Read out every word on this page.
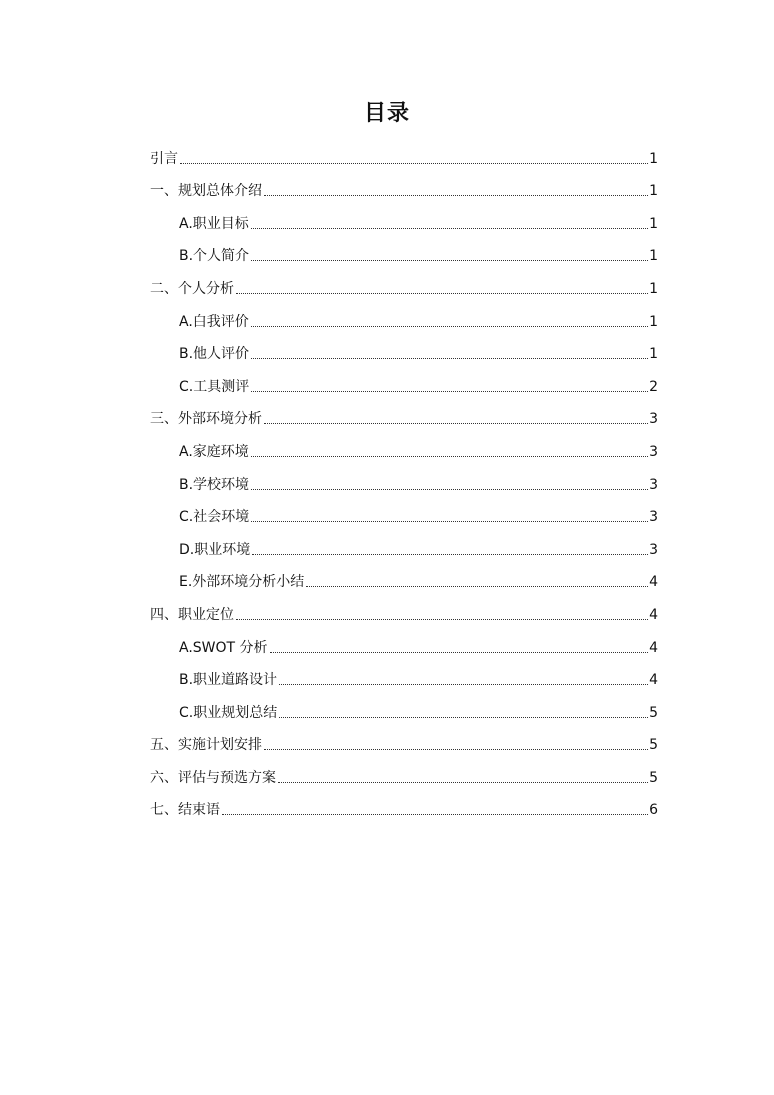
目录
引言	1
一、规划总体介绍	1
A.职业目标	1
B.个人简介	1
二、个人分析	1
A.白我评价	1
B.他人评价	1
C.工具测评	2
三、外部环境分析	3
A.家庭环境	3
B.学校环境	3
C.社会环境	3
D.职业环境	3
E.外部环境分析小结	4
四、职业定位	4
A.SWOT 分析	4
B.职业道路设计	4
C.职业规划总结	5
五、实施计划安排	5
六、评估与预选方案	5
七、结束语	6
